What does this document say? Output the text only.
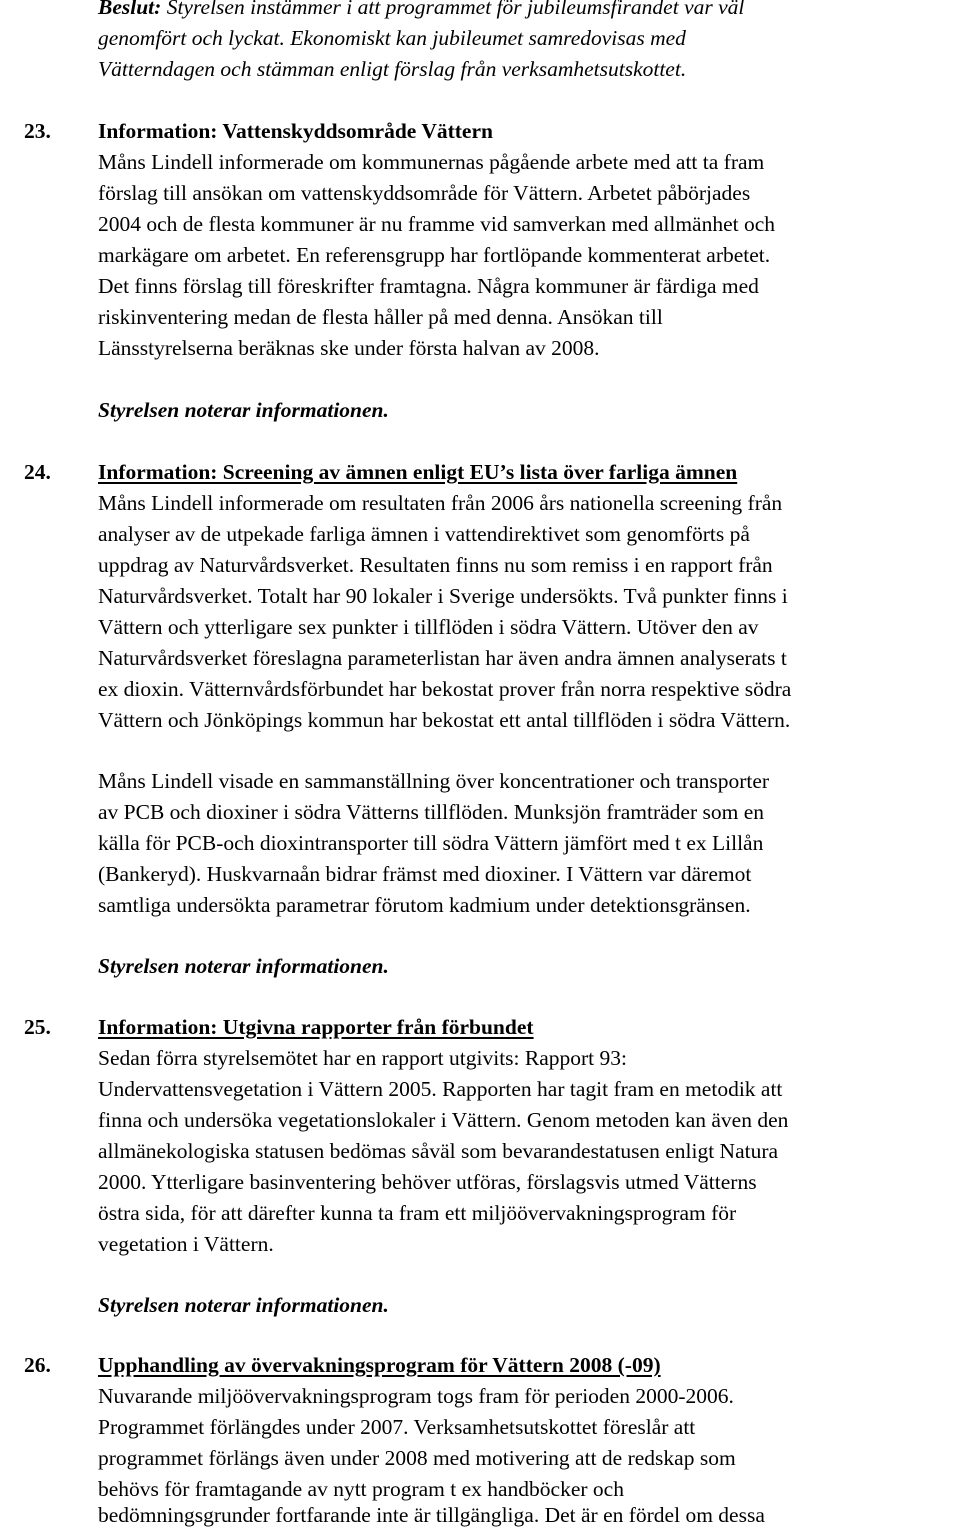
Beslut: Styrelsen instämmer i att programmet för jubileumsfirandet var väl
genomfört och lyckat. Ekonomiskt kan jubileumet samredovisas med
Vätterndagen och stämman enligt förslag från verksamhetsutskottet.
23. Information: Vattenskyddsområde Vättern
Måns Lindell informerade om kommunernas pågående arbete med att ta fram
förslag till ansökan om vattenskyddsområde för Vättern. Arbetet påbörjades
2004 och de flesta kommuner är nu framme vid samverkan med allmänhet och
markägare om arbetet. En referensgrupp har fortlöpande kommenterat arbetet.
Det finns förslag till föreskrifter framtagna. Några kommuner är färdiga med
riskinventering medan de flesta håller på med denna. Ansökan till
Länsstyrelserna beräknas ske under första halvan av 2008.
Styrelsen noterar informationen.
24. Information: Screening av ämnen enligt EU’s lista över farliga ämnen
Måns Lindell informerade om resultaten från 2006 års nationella screening från
analyser av de utpekade farliga ämnen i vattendirektivet som genomförts på
uppdrag av Naturvårdsverket. Resultaten finns nu som remiss i en rapport från
Naturvårdsverket. Totalt har 90 lokaler i Sverige undersökts. Två punkter finns i
Vättern och ytterligare sex punkter i tillflöden i södra Vättern. Utöver den av
Naturvårdsverket föreslagna parameterlistan har även andra ämnen analyserats t
ex dioxin. Vätternvårdsförbundet har bekostat prover från norra respektive södra
Vättern och Jönköpings kommun har bekostat ett antal tillflöden i södra Vättern.
Måns Lindell visade en sammanställning över koncentrationer och transporter
av PCB och dioxiner i södra Vätterns tillflöden. Munksjön framträder som en
källa för PCB-och dioxintransporter till södra Vättern jämfört med t ex Lillån
(Bankeryd). Huskvarnaån bidrar främst med dioxiner. I Vättern var däremot
samtliga undersökta parametrar förutom kadmium under detektionsgränsen.
Styrelsen noterar informationen.
25. Information: Utgivna rapporter från förbundet
Sedan förra styrelsemötet har en rapport utgivits: Rapport 93:
Undervattensvegetation i Vättern 2005. Rapporten har tagit fram en metodik att
finna och undersöka vegetationslokaler i Vättern. Genom metoden kan även den
allmänekologiska statusen bedömas såväl som bevarandestatusen enligt Natura
2000. Ytterligare basinventering behöver utföras, förslagsvis utmed Vätterns
östra sida, för att därefter kunna ta fram ett miljöövervakningsprogram för
vegetation i Vättern.
Styrelsen noterar informationen.
26. Upphandling av övervakningsprogram för Vättern 2008 (-09)
Nuvarande miljöövervakningsprogram togs fram för perioden 2000-2006.
Programmet förlängdes under 2007. Verksamhetsutskottet föreslår att
programmet förlängs även under 2008 med motivering att de redskap som
behövs för framtagande av nytt program t ex handböcker och
bedömningsgrunder fortfarande inte är tillgängliga. Det är en fördel om dessa
